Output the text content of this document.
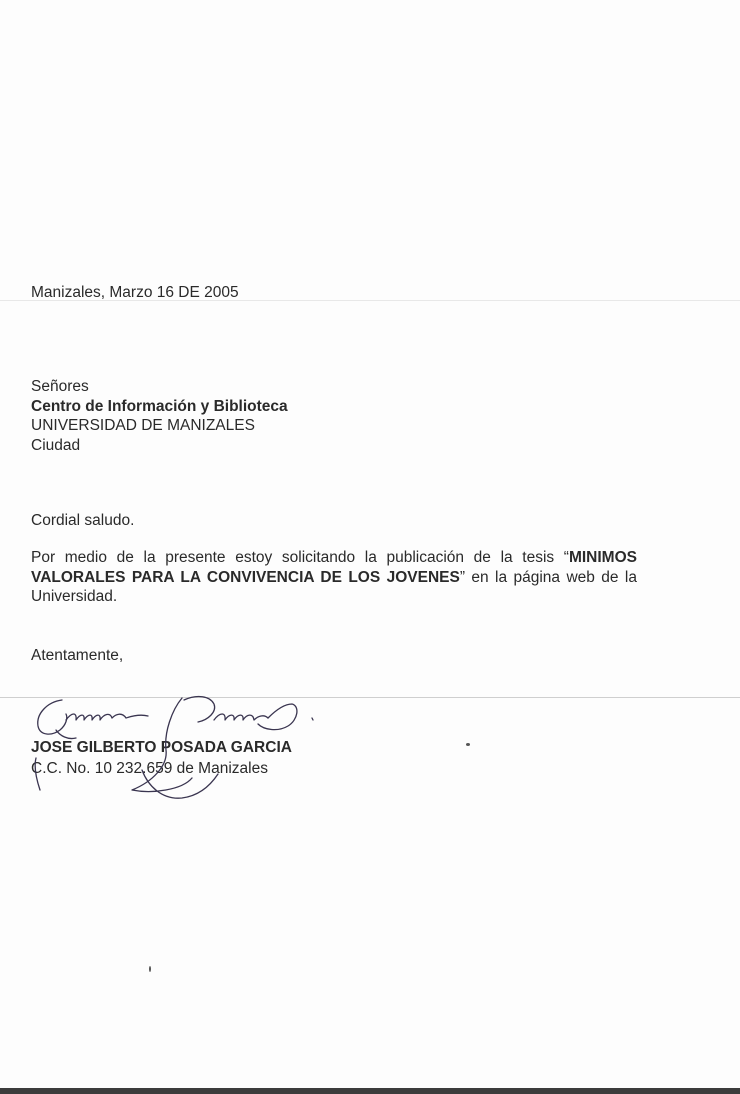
Manizales, Marzo 16 DE 2005
Señores
Centro de Información y Biblioteca
UNIVERSIDAD DE MANIZALES
Ciudad
Cordial saludo.
Por medio de la presente estoy solicitando la publicación de la tesis “MINIMOS VALORALES PARA LA CONVIVENCIA DE LOS JOVENES” en la página web de la Universidad.
Atentamente,
JOSE GILBERTO POSADA GARCIA
C.C. No. 10 232.659 de Manizales
